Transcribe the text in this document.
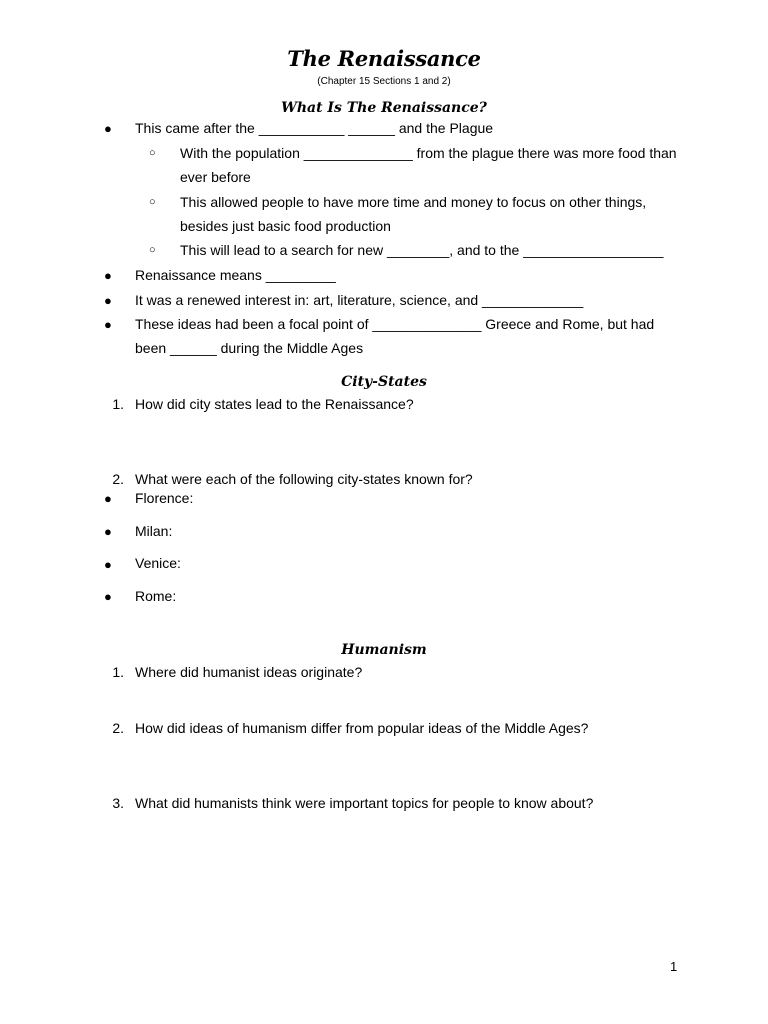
The Renaissance
(Chapter 15 Sections 1 and 2)
What Is The Renaissance?
● This came after the ___________ ______ and the Plague
○ With the population ______________ from the plague there was more food than
ever before
○ This allowed people to have more time and money to focus on other things,
besides just basic food production
○ This will lead to a search for new ________, and to the __________________
● Renaissance means _________
● It was a renewed interest in: art, literature, science, and _____________
● These ideas had been a focal point of ______________ Greece and Rome, but had
been ______ during the Middle Ages
City-States
1. How did city states lead to the Renaissance?
2. What were each of the following city-states known for?
● Florence:
● Milan:
● Venice:
● Rome:
Humanism
1. Where did humanist ideas originate?
2. How did ideas of humanism differ from popular ideas of the Middle Ages?
3. What did humanists think were important topics for people to know about?
1
